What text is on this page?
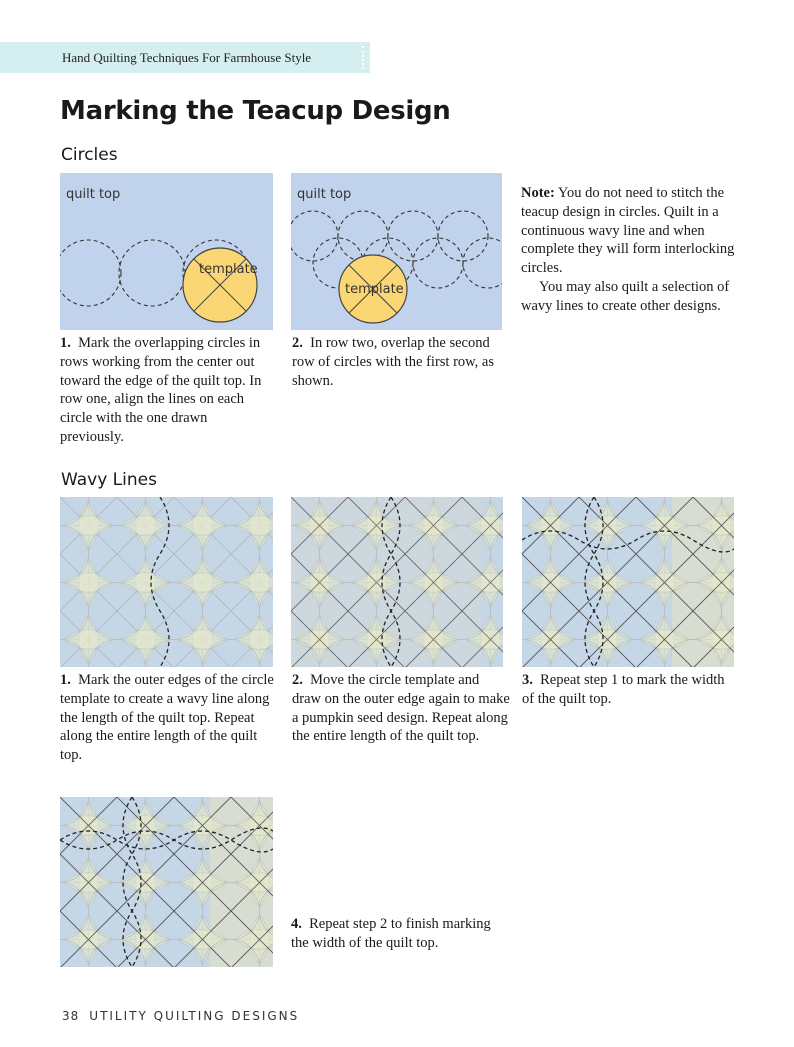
Hand Quilting Techniques For Farmhouse Style
Marking the Teacup Design
Circles
quilt top
template
quilt top
template
Note: You do not need to stitch the teacup design in circles. Quilt in a continuous wavy line and when complete they will form interlocking circles.
You may also quilt a selection of wavy lines to create other designs.
1. Mark the overlapping circles in rows working from the center out toward the edge of the quilt top. In row one, align the lines on each circle with the one drawn previously.
2. In row two, overlap the second row of circles with the first row, as shown.
Wavy Lines
1. Mark the outer edges of the circle template to create a wavy line along the length of the quilt top. Repeat along the entire length of the quilt top.
2. Move the circle template and draw on the outer edge again to make a pumpkin seed design. Repeat along the entire length of the quilt top.
3. Repeat step 1 to mark the width of the quilt top.
4. Repeat step 2 to finish marking the width of the quilt top.
38 UTILITY QUILTING DESIGNS
